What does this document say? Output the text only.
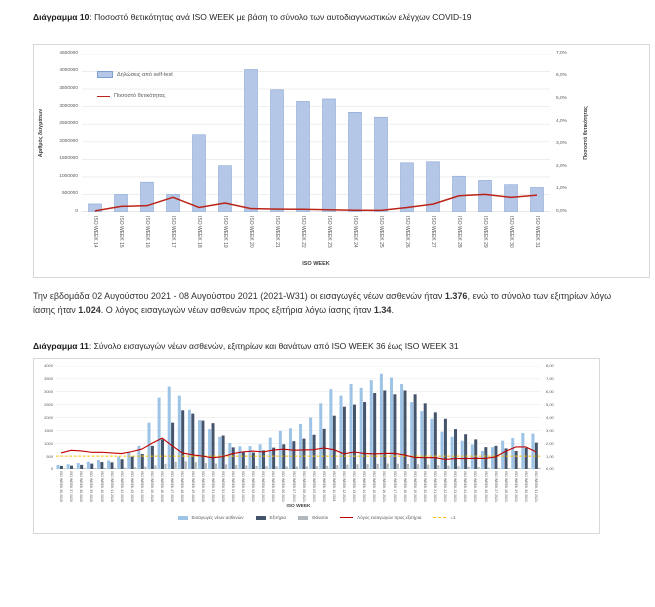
Διάγραμμα 10: Ποσοστό θετικότητας ανά ISO WEEK με βάση το σύνολο των αυτοδιαγνωστικών ελέγχων COVID-19

Αριθμός δειγμάτων	Ποσοστό θετικότητας
ISO WEEK
0
500000
1000000
1500000
2000000
2500000
3000000
3500000
4000000
4500000
0,0%
1,0%
2,0%
3,0%
4,0%
5,0%
6,0%
7,0%
ISO WEEK 14	ISO WEEK 15	ISO WEEK 16	ISO WEEK 17	ISO WEEK 18	ISO WEEK 19	ISO WEEK 20	ISO WEEK 21	ISO WEEK 22	ISO WEEK 23	ISO WEEK 24	ISO WEEK 25	ISO WEEK 26	ISO WEEK 27	ISO WEEK 28	ISO WEEK 29	ISO WEEK 30	ISO WEEK 31
Δηλώσεις από self-test
Ποσοστό θετικότητας

Την εβδομάδα 02 Αυγούστου 2021 - 08 Αυγούστου 2021 (2021-W31) οι εισαγωγές νέων ασθενών ήταν 1.376, ενώ το σύνολο των εξιτηρίων λόγω ίασης ήταν 1.024. Ο λόγος εισαγωγών νέων ασθενών προς εξιτήρια λόγω ίασης ήταν 1.34.

Διάγραμμα 11: Σύνολο εισαγωγών νέων ασθενών, εξιτηρίων και θανάτων από ISO WEEK 36 έως ISO WEEK 31

ISO WEEK
0
500
1000
1500
2000
2500
3000
3500
4000
0,00
1,00
2,00
3,00
4,00
5,00
6,00
7,00
8,00
ISO WEEK 36 2020 ISO WEEK 37 2020 ISO WEEK 38 2020 ISO WEEK 39 2020 ISO WEEK 40 2020 ISO WEEK 41 2020 ISO WEEK 42 2020 ISO WEEK 43 2020 ISO WEEK 44 2020 ISO WEEK 45 2020 ISO WEEK 46 2020 ISO WEEK 47 2020 ISO WEEK 48 2020 ISO WEEK 49 2020 ISO WEEK 50 2020 ISO WEEK 51 2020 ISO WEEK 52 2020 ISO WEEK 01 2021 ISO WEEK 02 2021 ISO WEEK 03 2021 ISO WEEK 04 2021 ISO WEEK 05 2021 ISO WEEK 06 2021 ISO WEEK 07 2021 ISO WEEK 08 2021 ISO WEEK 09 2021 ISO WEEK 10 2021 ISO WEEK 11 2021 ISO WEEK 12 2021 ISO WEEK 13 2021 ISO WEEK 14 2021 ISO WEEK 15 2021 ISO WEEK 16 2021 ISO WEEK 17 2021 ISO WEEK 18 2021 ISO WEEK 19 2021 ISO WEEK 20 2021 ISO WEEK 21 2021 ISO WEEK 22 2021 ISO WEEK 23 2021 ISO WEEK 24 2021 ISO WEEK 25 2021 ISO WEEK 26 2021 ISO WEEK 27 2021 ISO WEEK 28 2021 ISO WEEK 29 2021 ISO WEEK 30 2021 ISO WEEK 31 2021
Εισαγωγές νέων ασθενών	Εξιτήρια	Θάνατοι	Λόγος εισαγωγών προς εξιτήρια	=1
